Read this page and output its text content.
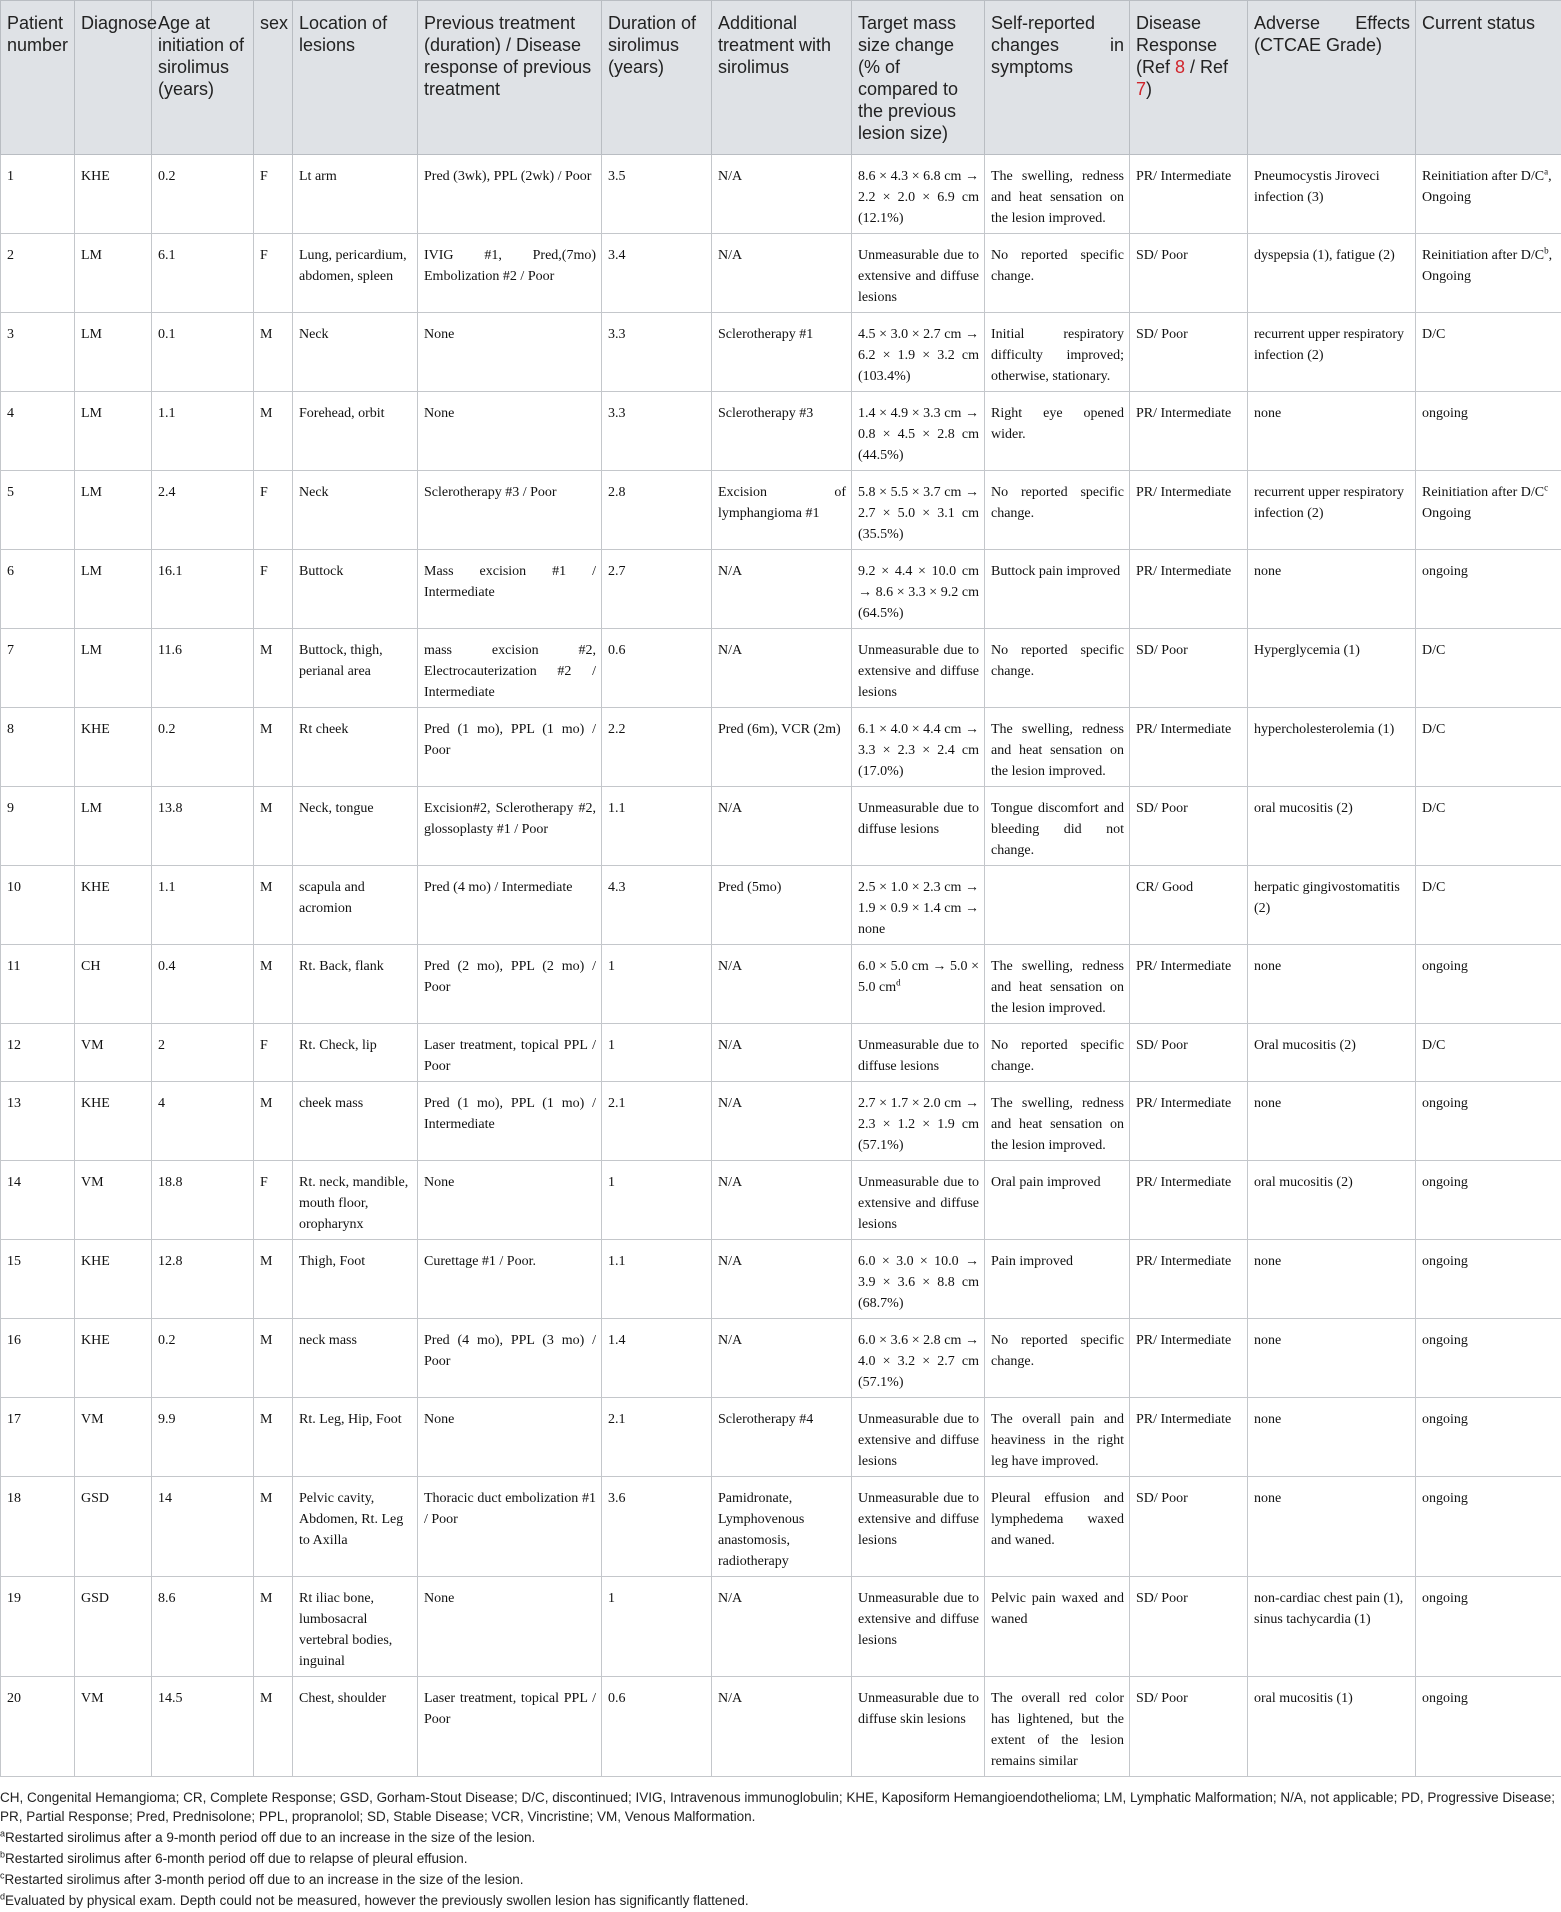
Patient number	Diagnose	Age at initiation of sirolimus (years)	sex	Location of lesions	Previous treatment (duration) / Disease response of previous treatment	Duration of sirolimus (years)	Additional treatment with sirolimus	Target mass size change (% of compared to the previous lesion size)	Self-reported changes in symptoms	Disease Response (Ref 8 / Ref 7)	Adverse Effects (CTCAE Grade)	Current status
1	KHE	0.2	F	Lt arm	Pred (3wk), PPL (2wk) / Poor	3.5	N/A	8.6 × 4.3 × 6.8 cm → 2.2 × 2.0 × 6.9 cm (12.1%)	The swelling, redness and heat sensation on the lesion improved.	PR/ Intermediate	Pneumocystis Jiroveci infection (3)	Reinitiation after $D/C^a$, Ongoing
2	LM	6.1	F	Lung, pericardium, abdomen, spleen	IVIG #1, Pred,(7mo) Embolization #2 / Poor	3.4	N/A	Unmeasurable due to extensive and diffuse lesions	No reported specific change.	SD/ Poor	dyspepsia (1), fatigue (2)	Reinitiation after $D/C^b$, Ongoing
3	LM	0.1	M	Neck	None	3.3	Sclerotherapy #1	4.5 × 3.0 × 2.7 cm → 6.2 × 1.9 × 3.2 cm (103.4%)	Initial respiratory difficulty improved; otherwise, stationary.	SD/ Poor	recurrent upper respiratory infection (2)	D/C
4	LM	1.1	M	Forehead, orbit	None	3.3	Sclerotherapy #3	1.4 × 4.9 × 3.3 cm → 0.8 × 4.5 × 2.8 cm (44.5%)	Right eye opened wider.	PR/ Intermediate	none	ongoing
5	LM	2.4	F	Neck	Sclerotherapy #3 / Poor	2.8	Excision of lymphangioma #1	5.8 × 5.5 × 3.7 cm → 2.7 × 5.0 × 3.1 cm (35.5%)	No reported specific change.	PR/ Intermediate	recurrent upper respiratory infection (2)	Reinitiation after $D/C^c$ Ongoing
6	LM	16.1	F	Buttock	Mass excision #1 / Intermediate	2.7	N/A	9.2 × 4.4 × 10.0 cm → 8.6 × 3.3 × 9.2 cm (64.5%)	Buttock pain improved	PR/ Intermediate	none	ongoing
7	LM	11.6	M	Buttock, thigh, perianal area	mass excision #2, Electrocauterization #2 / Intermediate	0.6	N/A	Unmeasurable due to extensive and diffuse lesions	No reported specific change.	SD/ Poor	Hyperglycemia (1)	D/C
8	KHE	0.2	M	Rt cheek	Pred (1 mo), PPL (1 mo) / Poor	2.2	Pred (6m), VCR (2m)	6.1 × 4.0 × 4.4 cm → 3.3 × 2.3 × 2.4 cm (17.0%)	The swelling, redness and heat sensation on the lesion improved.	PR/ Intermediate	hypercholesterolemia (1)	D/C
9	LM	13.8	M	Neck, tongue	Excision#2, Sclerotherapy #2, glossoplasty #1 / Poor	1.1	N/A	Unmeasurable due to diffuse lesions	Tongue discomfort and bleeding did not change.	SD/ Poor	oral mucositis (2)	D/C
10	KHE	1.1	M	scapula and acromion	Pred (4 mo) / Intermediate	4.3	Pred (5mo)	2.5 × 1.0 × 2.3 cm → 1.9 × 0.9 × 1.4 cm → none		CR/ Good	herpatic gingivostomatitis (2)	D/C
11	CH	0.4	M	Rt. Back, flank	Pred (2 mo), PPL (2 mo) / Poor	1	N/A	6.0 × 5.0 cm → 5.0 × 5.0 $cm^d$	The swelling, redness and heat sensation on the lesion improved.	PR/ Intermediate	none	ongoing
12	VM	2	F	Rt. Check, lip	Laser treatment, topical PPL / Poor	1	N/A	Unmeasurable due to diffuse lesions	No reported specific change.	SD/ Poor	Oral mucositis (2)	D/C
13	KHE	4	M	cheek mass	Pred (1 mo), PPL (1 mo) / Intermediate	2.1	N/A	2.7 × 1.7 × 2.0 cm → 2.3 × 1.2 × 1.9 cm (57.1%)	The swelling, redness and heat sensation on the lesion improved.	PR/ Intermediate	none	ongoing
14	VM	18.8	F	Rt. neck, mandible, mouth floor, oropharynx	None	1	N/A	Unmeasurable due to extensive and diffuse lesions	Oral pain improved	PR/ Intermediate	oral mucositis (2)	ongoing
15	KHE	12.8	M	Thigh, Foot	Curettage #1 / Poor.	1.1	N/A	6.0 × 3.0 × 10.0 → 3.9 × 3.6 × 8.8 cm (68.7%)	Pain improved	PR/ Intermediate	none	ongoing
16	KHE	0.2	M	neck mass	Pred (4 mo), PPL (3 mo) / Poor	1.4	N/A	6.0 × 3.6 × 2.8 cm → 4.0 × 3.2 × 2.7 cm (57.1%)	No reported specific change.	PR/ Intermediate	none	ongoing
17	VM	9.9	M	Rt. Leg, Hip, Foot	None	2.1	Sclerotherapy #4	Unmeasurable due to extensive and diffuse lesions	The overall pain and heaviness in the right leg have improved.	PR/ Intermediate	none	ongoing
18	GSD	14	M	Pelvic cavity, Abdomen, Rt. Leg to Axilla	Thoracic duct embolization #1 / Poor	3.6	Pamidronate, Lymphovenous anastomosis, radiotherapy	Unmeasurable due to extensive and diffuse lesions	Pleural effusion and lymphedema waxed and waned.	SD/ Poor	none	ongoing
19	GSD	8.6	M	Rt iliac bone, lumbosacral vertebral bodies, inguinal	None	1	N/A	Unmeasurable due to extensive and diffuse lesions	Pelvic pain waxed and waned	SD/ Poor	non-cardiac chest pain (1), sinus tachycardia (1)	ongoing
20	VM	14.5	M	Chest, shoulder	Laser treatment, topical PPL / Poor	0.6	N/A	Unmeasurable due to diffuse skin lesions	The overall red color has lightened, but the extent of the lesion remains similar	SD/ Poor	oral mucositis (1)	ongoing

CH, Congenital Hemangioma; CR, Complete Response; GSD, Gorham-Stout Disease; D/C, discontinued; IVIG, Intravenous immunoglobulin; KHE, Kaposiform Hemangioendothelioma; LM, Lymphatic Malformation; N/A, not applicable; PD, Progressive Disease; PR, Partial Response; Pred, Prednisolone; PPL, propranolol; SD, Stable Disease; VCR, Vincristine; VM, Venous Malformation.

$^a$Restarted sirolimus after a 9-month period off due to an increase in the size of the lesion.

$^b$Restarted sirolimus after 6-month period off due to relapse of pleural effusion.

$^c$Restarted sirolimus after 3-month period off due to an increase in the size of the lesion.

$^d$Evaluated by physical exam. Depth could not be measured, however the previously swollen lesion has significantly flattened.
